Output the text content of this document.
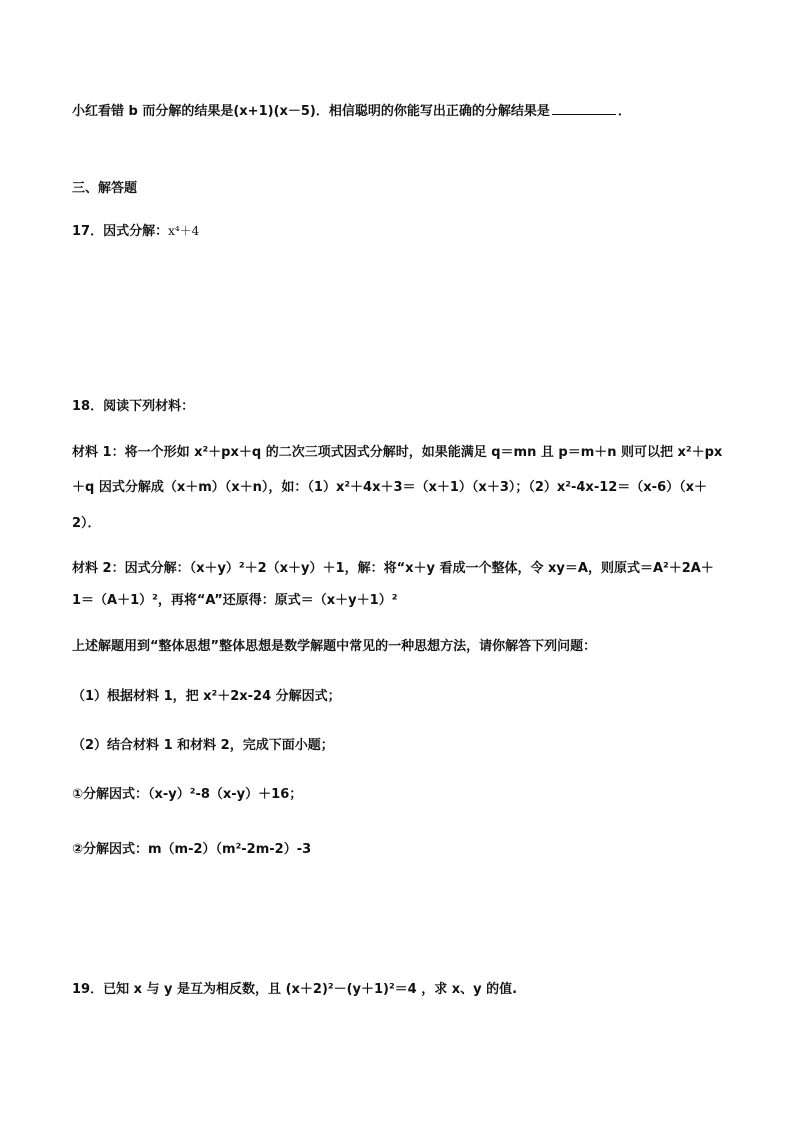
小红看错 b 而分解的结果是(x+1)(x－5)．相信聪明的你能写出正确的分解结果是	．
三、解答题
17．因式分解：x⁴＋4
18．阅读下列材料：
材料 1：将一个形如 x²＋px＋q 的二次三项式因式分解时，如果能满足 q＝mn 且 p＝m＋n 则可以把 x²＋px
＋q 因式分解成（x＋m）（x＋n），如：（1）x²＋4x＋3＝（x＋1）（x＋3）；（2）x²-4x-12＝（x-6）（x＋
2）．
材料 2：因式分解：（x＋y）²＋2（x＋y）＋1，解：将“x＋y 看成一个整体，令 xy＝A，则原式＝A²＋2A＋
1＝（A＋1）²，再将“A”还原得：原式＝（x＋y＋1）²
上述解题用到“整体思想”整体思想是数学解题中常见的一种思想方法，请你解答下列问题：
（1）根据材料 1，把 x²＋2x-24 分解因式；
（2）结合材料 1 和材料 2，完成下面小题；
①分解因式：（x-y）²-8（x-y）＋16；
②分解因式：m（m-2）（m²-2m-2）-3
19．已知 x 与 y 是互为相反数，且 (x＋2)²－(y＋1)²＝4 ，求 x、y 的值.
